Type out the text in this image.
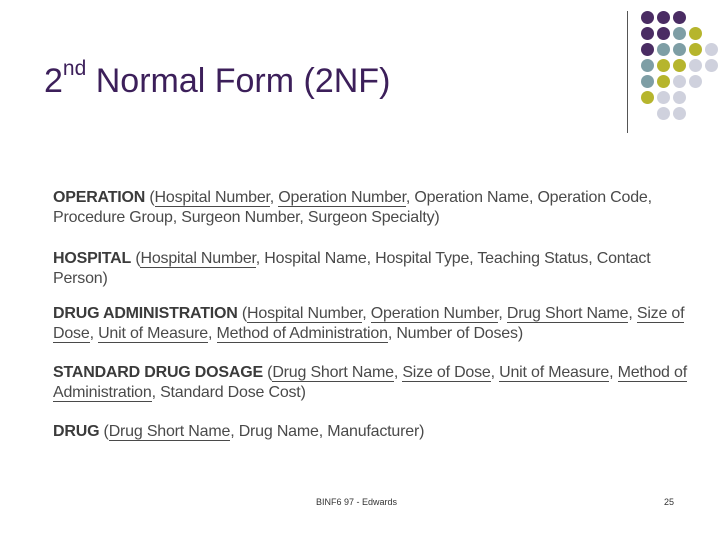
2nd Normal Form (2NF)
OPERATION (Hospital Number, Operation Number, Operation Name, Operation Code, Procedure Group, Surgeon Number, Surgeon Specialty)
HOSPITAL (Hospital Number, Hospital Name, Hospital Type, Teaching Status, Contact Person)
DRUG ADMINISTRATION (Hospital Number, Operation Number, Drug Short Name, Size of Dose, Unit of Measure, Method of Administration, Number of Doses)
STANDARD DRUG DOSAGE (Drug Short Name, Size of Dose, Unit of Measure, Method of Administration, Standard Dose Cost)
DRUG (Drug Short Name, Drug Name, Manufacturer)
BINF6 97 - Edwards	25
